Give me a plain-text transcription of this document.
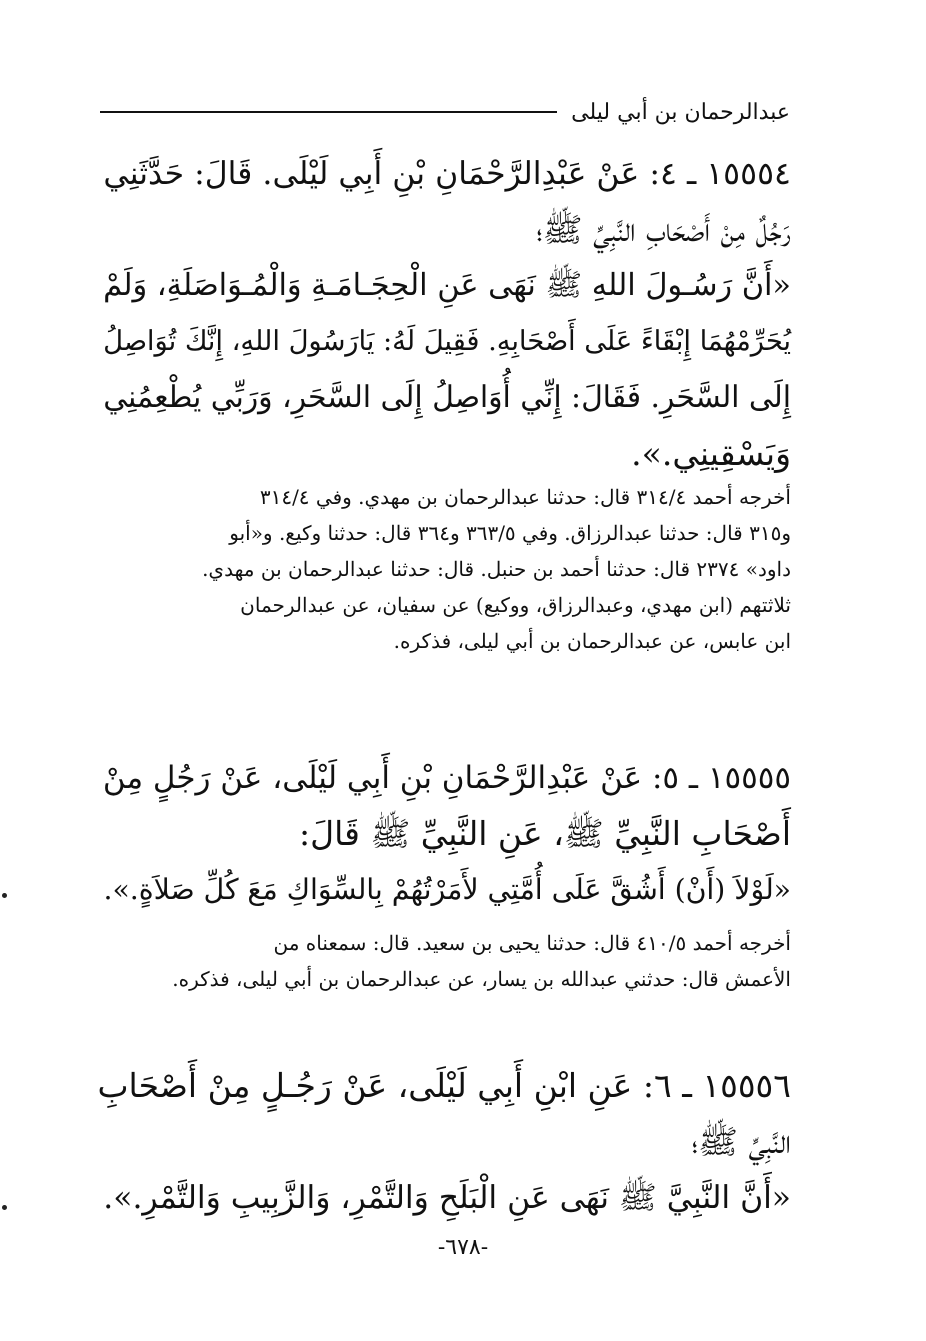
عبدالرحمان بن أبي ليلى
١٥٥٥٤ ـ ٤: عَنْ عَبْدِالرَّحْمَانِ بْنِ أَبِي لَيْلَى. قَالَ: حَدَّثَنِي
رَجُلٌ مِنْ أَصْحَابِ النَّبِيِّ ﷺ؛
«أَنَّ رَسُـولَ اللهِ ﷺ نَهَى عَنِ الْحِجَـامَـةِ وَالْمُـوَاصَلَةِ، وَلَمْ
يُحَرِّمْهُمَا إِبْقَاءً عَلَى أَصْحَابِهِ. فَقِيلَ لَهُ: يَارَسُولَ اللهِ، إِنَّكَ تُوَاصِلُ
إِلَى السَّحَرِ. فَقَالَ: إِنِّي أُوَاصِلُ إِلَى السَّحَرِ، وَرَبِّي يُطْعِمُنِي
وَيَسْقِينِي.».
أخرجه أحمد ٣١٤/٤ قال: حدثنا عبدالرحمان بن مهدي. وفي ٣١٤/٤
و٣١٥ قال: حدثنا عبدالرزاق. وفي ٣٦٣/٥ و٣٦٤ قال: حدثنا وكيع. و«أبو
داود» ٢٣٧٤ قال: حدثنا أحمد بن حنبل. قال: حدثنا عبدالرحمان بن مهدي.
ثلاثتهم (ابن مهدي، وعبدالرزاق، ووكيع) عن سفيان، عن عبدالرحمان
ابن عابس، عن عبدالرحمان بن أبي ليلى، فذكره.
١٥٥٥٥ ـ ٥: عَنْ عَبْدِالرَّحْمَانِ بْنِ أَبِي لَيْلَى، عَنْ رَجُلٍ مِنْ
أَصْحَابِ النَّبِيِّ ﷺ، عَنِ النَّبِيِّ ﷺ قَالَ:
«لَوْلاَ (أَنْ) أَشُقَّ عَلَى أُمَّتِي لأَمَرْتُهُمْ بِالسِّوَاكِ مَعَ كُلِّ صَلاَةٍ.».
أخرجه أحمد ٤١٠/٥ قال: حدثنا يحيى بن سعيد. قال: سمعناه من
الأعمش قال: حدثني عبدالله بن يسار، عن عبدالرحمان بن أبي ليلى، فذكره.
١٥٥٥٦ ـ ٦: عَنِ ابْنِ أَبِي لَيْلَى، عَنْ رَجُـلٍ مِنْ أَصْحَابِ
النَّبِيِّ ﷺ؛
«أَنَّ النَّبِيَّ ﷺ نَهَى عَنِ الْبَلَحِ وَالتَّمْرِ، وَالزَّبِيبِ وَالتَّمْرِ.».
-٦٧٨-
